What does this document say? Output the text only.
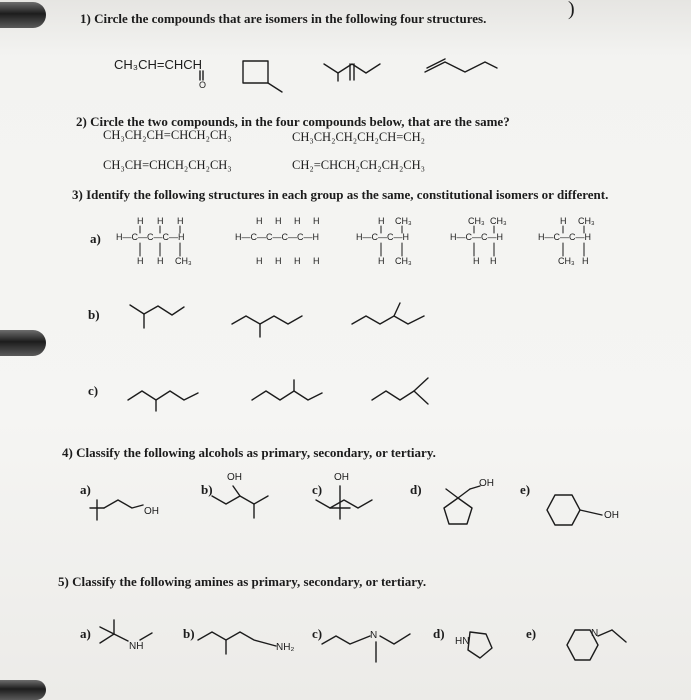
1) Circle the compounds that are isomers in the following four structures.	)
CH₃CH=CHCH
O
2) Circle the two compounds, in the four compounds below, that are the same?
CH₃CH₂CH=CHCH₂CH₃	CH₃CH₂CH₂CH₂CH=CH₂
CH₃CH=CHCH₂CH₂CH₃	CH₂=CHCH₂CH₂CH₂CH₃
3) Identify the following structures in each group as the same, constitutional isomers or different.
a)
b)
c)
H H H
H—C—C—C—H
H H CH₃
H H H H
H—C—C—C—C—H
H H H H
H CH₃
H—C—C—H
H CH₃
CH₃ CH₃
H—C—C—H
H H
H CH₃
H—C—C—H
CH₃ H
4) Classify the following alcohols as primary, secondary, or tertiary.
a)	b)	c)	d)	e)
OH
OH	OH
OH
OH
5) Classify the following amines as primary, secondary, or tertiary.
a)	b)	c)	d)	e)
NH	NH₂
N
HN
N
